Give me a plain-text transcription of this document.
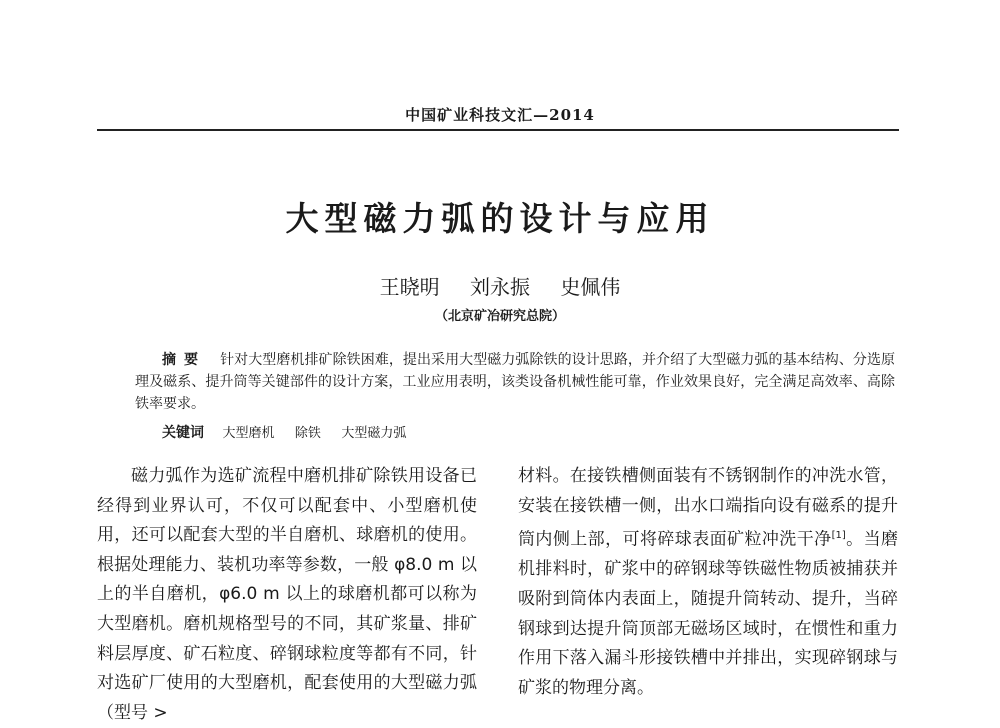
中国矿业科技文汇—2014
大型磁力弧的设计与应用
王晓明 刘永振 史佩伟
（北京矿冶研究总院）
摘要 针对大型磨机排矿除铁困难，提出采用大型磁力弧除铁的设计思路，并介绍了大型磁力弧的基本结构、分选原理及磁系、提升筒等关键部件的设计方案，工业应用表明，该类设备机械性能可靠，作业效果良好，完全满足高效率、高除铁率要求。
关键词 大型磨机 除铁 大型磁力弧

磁力弧作为选矿流程中磨机排矿除铁用设备已经得到业界认可，不仅可以配套中、小型磨机使用，还可以配套大型的半自磨机、球磨机的使用。根据处理能力、装机功率等参数，一般 φ8.0 m 以上的半自磨机，φ6.0 m 以上的球磨机都可以称为大型磨机。磨机规格型号的不同，其矿浆量、排矿料层厚度、矿石粒度、碎钢球粒度等都有不同，针对选矿厂使用的大型磨机，配套使用的大型磁力弧（型号 >

材料。在接铁槽侧面装有不锈钢制作的冲洗水管，安装在接铁槽一侧，出水口端指向设有磁系的提升筒内侧上部，可将碎球表面矿粒冲洗干净[1]。当磨机排料时，矿浆中的碎钢球等铁磁性物质被捕获并吸附到筒体内表面上，随提升筒转动、提升，当碎钢球到达提升筒顶部无磁场区域时，在惯性和重力作用下落入漏斗形接铁槽中并排出，实现碎钢球与矿浆的物理分离。
